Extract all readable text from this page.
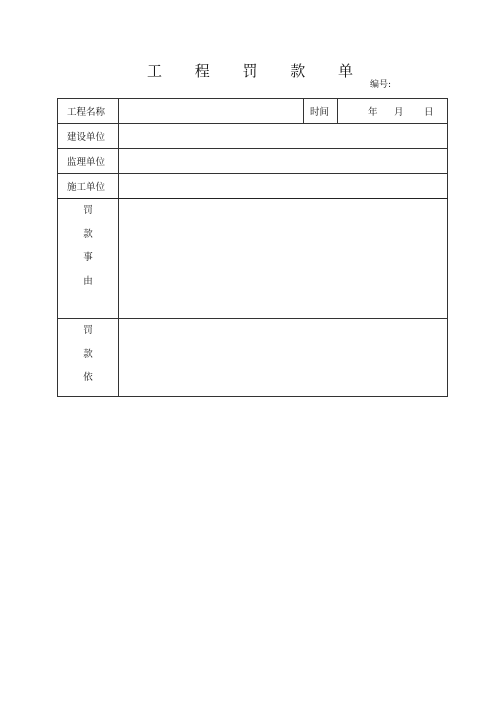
工 程 罚 款 单
编号:
工程名称		时间	年 月 日

建设单位			
监理单位			
施工单位			

罚
款
事
由			

罚
款
依			
